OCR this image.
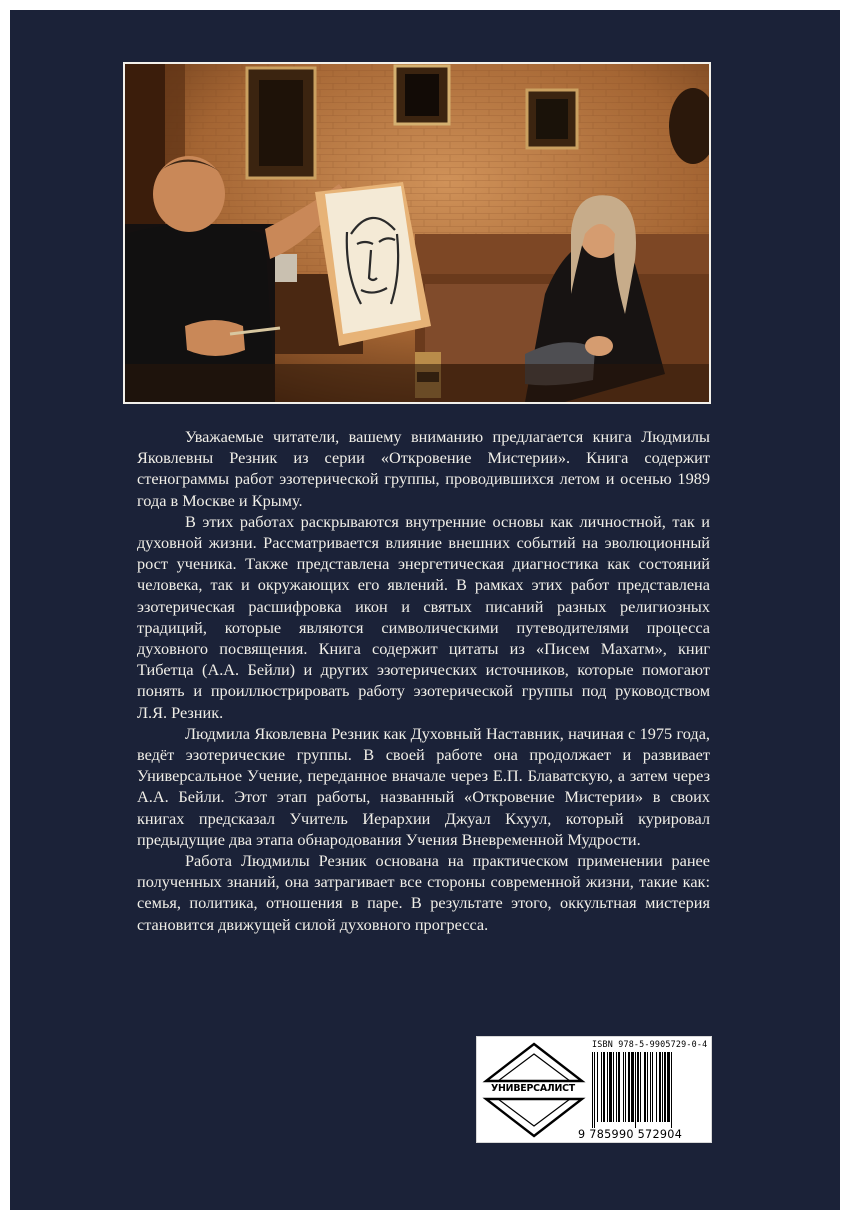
Уважаемые читатели, вашему вниманию предлагается книга Людмилы Яковлевны Резник из серии «Откровение Мистерии». Книга содержит стенограммы работ эзотерической группы, проводившихся летом и осенью 1989 года в Москве и Крыму.

В этих работах раскрываются внутренние основы как личностной, так и духовной жизни. Рассматривается влияние внешних событий на эволюционный рост ученика. Также представлена энергетическая диагностика как состояний человека, так и окружающих его явлений. В рамках этих работ представлена эзотерическая расшифровка икон и святых писаний разных религиозных традиций, которые являются символическими путеводителями процесса духовного посвящения. Книга содержит цитаты из «Писем Махатм», книг Тибетца (А.А. Бейли) и других эзотерических источников, которые помогают понять и проиллюстрировать работу эзотерической группы под руководством Л.Я. Резник.

Людмила Яковлевна Резник как Духовный Наставник, начиная с 1975 года, ведёт эзотерические группы. В своей работе она продолжает и развивает Универсальное Учение, переданное вначале через Е.П. Блаватскую, а затем через А.А. Бейли. Этот этап работы, названный «Откровение Мистерии» в своих книгах предсказал Учитель Иерархии Джуал Кхуул, который курировал предыдущие два этапа обнародования Учения Вневременной Мудрости.

Работа Людмилы Резник основана на практическом применении ранее полученных знаний, она затрагивает все стороны современной жизни, такие как: семья, политика, отношения в паре. В результате этого, оккультная мистерия становится движущей силой духовного прогресса.

ISBN 978-5-9905729-0-4
УНИВЕРСАЛИСТ
9 785990 572904
